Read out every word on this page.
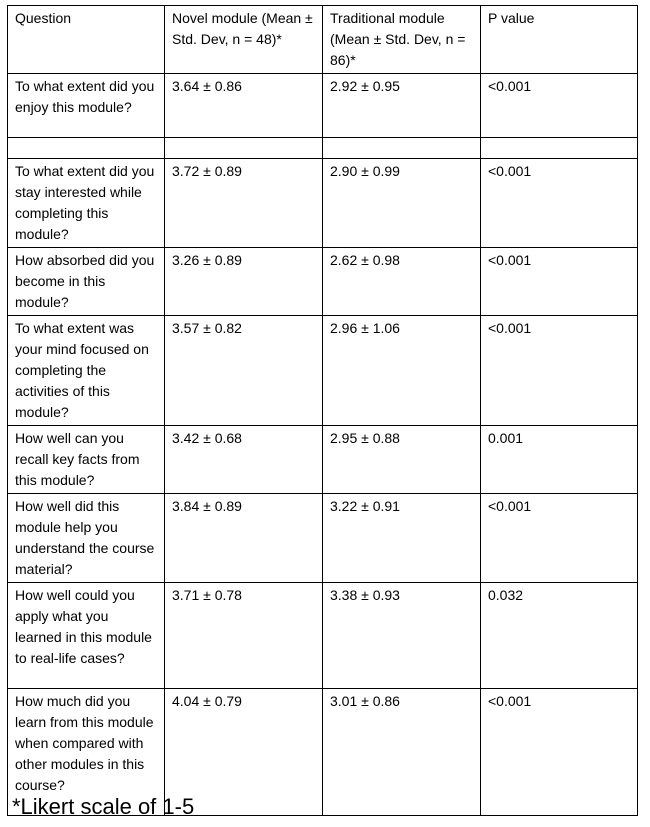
Question	Novel module (Mean ± Std. Dev, n = 48)*	Traditional module (Mean ± Std. Dev, n = 86)*	P value
To what extent did you enjoy this module?	3.64 ± 0.86	2.92 ± 0.95	<0.001

To what extent did you stay interested while completing this module?	3.72 ± 0.89	2.90 ± 0.99	<0.001
How absorbed did you become in this module?	3.26 ± 0.89	2.62 ± 0.98	<0.001
To what extent was your mind focused on completing the activities of this module?	3.57 ± 0.82	2.96 ± 1.06	<0.001
How well can you recall key facts from this module?	3.42 ± 0.68	2.95 ± 0.88	0.001
How well did this module help you understand the course material?	3.84 ± 0.89	3.22 ± 0.91	<0.001
How well could you apply what you learned in this module to real-life cases?	3.71 ± 0.78	3.38 ± 0.93	0.032
How much did you learn from this module when compared with other modules in this course?	4.04 ± 0.79	3.01 ± 0.86	<0.001
*Likert scale of 1-5
